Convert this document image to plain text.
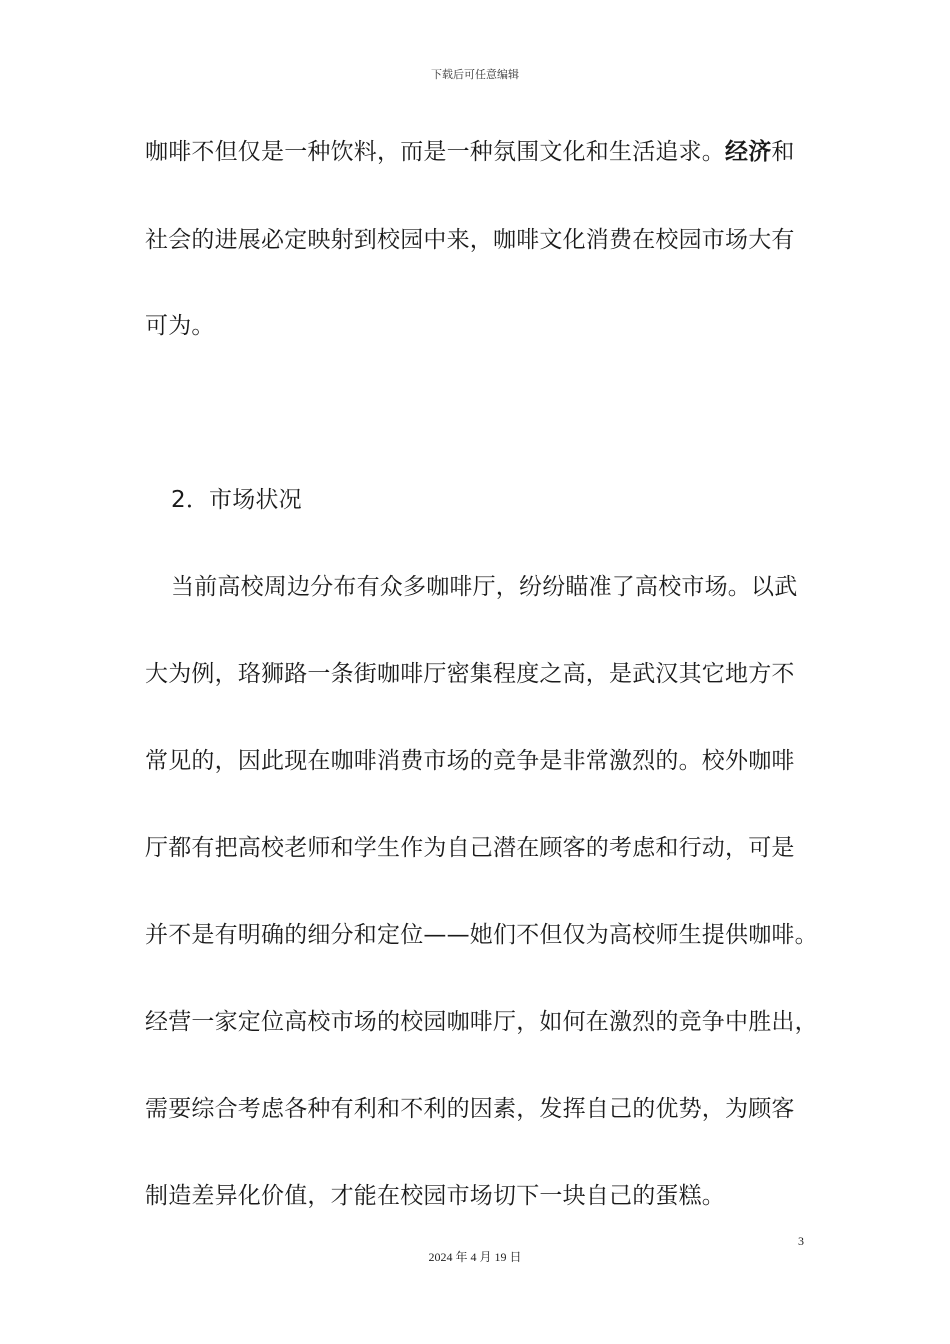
下载后可任意编辑
咖啡不但仅是一种饮料，而是一种氛围文化和生活追求。经济和
社会的进展必定映射到校园中来，咖啡文化消费在校园市场大有
可为。
2．市场状况
当前高校周边分布有众多咖啡厅，纷纷瞄准了高校市场。以武
大为例，珞狮路一条街咖啡厅密集程度之高，是武汉其它地方不
常见的，因此现在咖啡消费市场的竞争是非常激烈的。校外咖啡
厅都有把高校老师和学生作为自己潜在顾客的考虑和行动，可是
并不是有明确的细分和定位——她们不但仅为高校师生提供咖啡。
经营一家定位高校市场的校园咖啡厅，如何在激烈的竞争中胜出，
需要综合考虑各种有利和不利的因素，发挥自己的优势，为顾客
制造差异化价值，才能在校园市场切下一块自己的蛋糕。
3
2024 年 4 月 19 日
